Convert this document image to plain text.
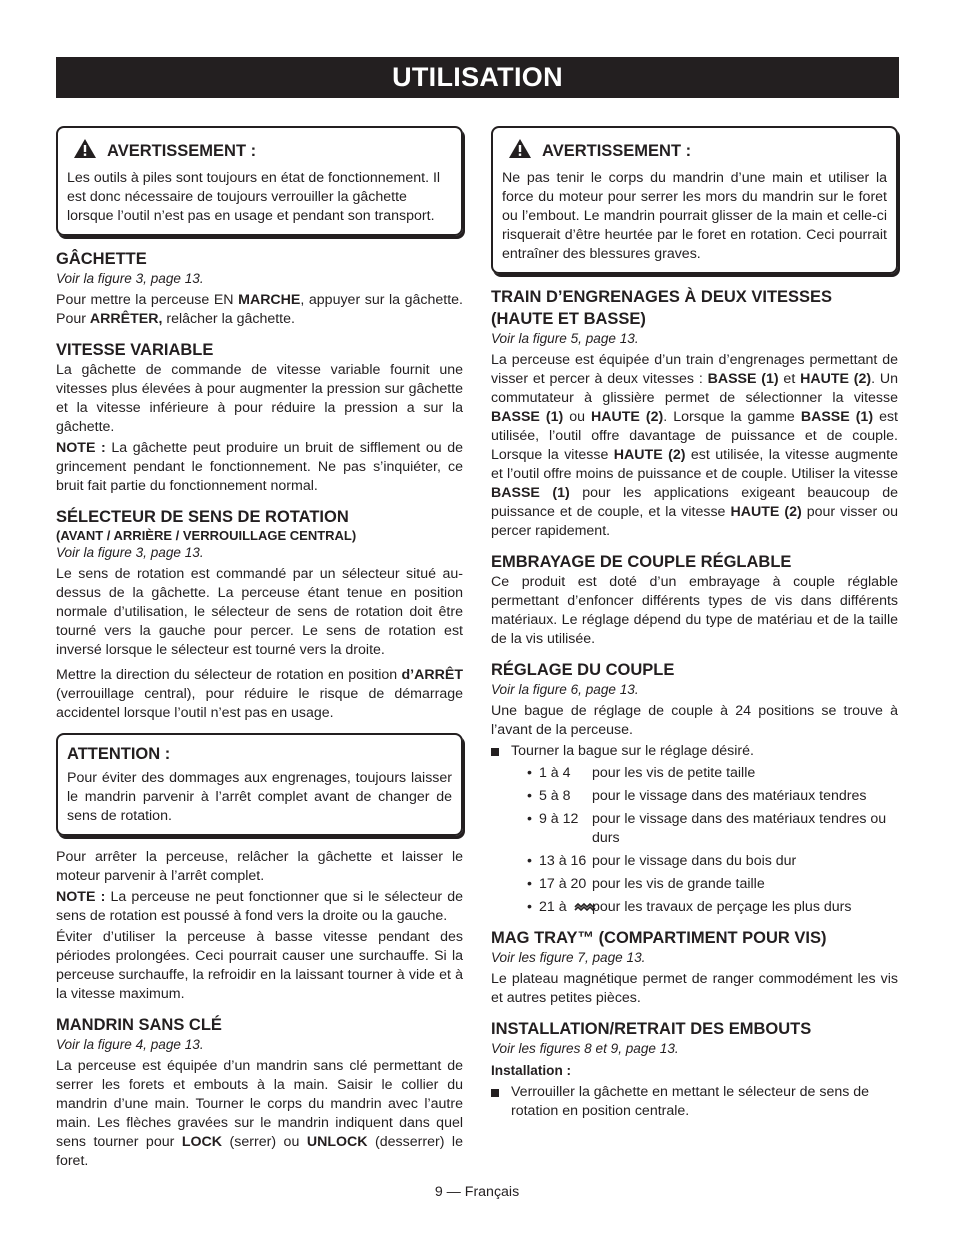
UTILISATION
AVERTISSEMENT :

Les outils à piles sont toujours en état de fonctionnement. Il est donc nécessaire de toujours verrouiller la gâchette lorsque l’outil n’est pas en usage et pendant son transport.

GÂCHETTE
Voir la figure 3, page 13.

Pour mettre la perceuse EN MARCHE, appuyer sur la gâchette. Pour ARRÊTER, relâcher la gâchette.

VITESSE VARIABLE

La gâchette de commande de vitesse variable fournit une vitesses plus élevées à pour augmenter la pression sur gâchette et la vitesse inférieure à pour réduire la pression a sur la gâchette.

NOTE : La gâchette peut produire un bruit de sifflement ou de grincement pendant le fonctionnement. Ne pas s’inquiéter, ce bruit fait partie du fonctionnement normal.

SÉLECTEUR DE SENS DE ROTATION
(AVANT / ARRIÈRE / VERROUILLAGE CENTRAL)
Voir la figure 3, page 13.

Le sens de rotation est commandé par un sélecteur situé au-dessus de la gâchette. La perceuse étant tenue en position normale d’utilisation, le sélecteur de sens de rotation doit être tourné vers la gauche pour percer. Le sens de rotation est inversé lorsque le sélecteur est tourné vers la droite.

Mettre la direction du sélecteur de rotation en position d’ARRÊT (verrouillage central), pour réduire le risque de démarrage accidentel lorsque l’outil n’est pas en usage.

ATTENTION :

Pour éviter des dommages aux engrenages, toujours laisser le mandrin parvenir à l’arrêt complet avant de changer de sens de rotation.

Pour arrêter la perceuse, relâcher la gâchette et laisser le moteur parvenir à l’arrêt complet.

NOTE : La perceuse ne peut fonctionner que si le sélecteur de sens de rotation est poussé à fond vers la droite ou la gauche.

Éviter d’utiliser la perceuse à basse vitesse pendant des périodes prolongées. Ceci pourrait causer une surchauffe. Si la perceuse surchauffe, la refroidir en la laissant tourner à vide et à la vitesse maximum.

MANDRIN SANS CLÉ
Voir la figure 4, page 13.

La perceuse est équipée d’un mandrin sans clé permettant de serrer les forets et embouts à la main. Saisir le collier du mandrin d’une main. Tourner le corps du mandrin avec l’autre main. Les flèches gravées sur le mandrin indiquent dans quel sens tourner pour LOCK (serrer) ou UNLOCK (desserrer) le foret.

AVERTISSEMENT :

Ne pas tenir le corps du mandrin d’une main et utiliser la force du moteur pour serrer les mors du mandrin sur le foret ou l’embout. Le mandrin pourrait glisser de la main et celle-ci risquerait d’être heurtée par le foret en rotation. Ceci pourrait entraîner des blessures graves.

TRAIN D’ENGRENAGES À DEUX VITESSES
(HAUTE ET BASSE)
Voir la figure 5, page 13.

La perceuse est équipée d’un train d’engrenages permettant de visser et percer à deux vitesses : BASSE (1) et HAUTE (2). Un commutateur à glissière permet de sélectionner la vitesse BASSE (1) ou HAUTE (2). Lorsque la gamme BASSE (1) est utilisée, l’outil offre davantage de puissance et de couple. Lorsque la vitesse HAUTE (2) est utilisée, la vitesse augmente et l’outil offre moins de puissance et de couple. Utiliser la vitesse BASSE (1) pour les applications exigeant beaucoup de puissance et de couple, et la vitesse HAUTE (2) pour visser ou percer rapidement.

EMBRAYAGE DE COUPLE RÉGLABLE

Ce produit est doté d’un embrayage à couple réglable permettant d’enfoncer différents types de vis dans différents matériaux. Le réglage dépend du type de matériau et de la taille de la vis utilisée.

RÉGLAGE DU COUPLE
Voir la figure 6, page 13.

Une bague de réglage de couple à 24 positions se trouve à l’avant de la perceuse.

Tourner la bague sur le réglage désiré.
• 1 à 4	pour les vis de petite taille
• 5 à 8	pour le vissage dans des matériaux tendres
• 9 à 12 pour le vissage dans des matériaux tendres ou durs
• 13 à 16 pour le vissage dans du bois dur
• 17 à 20 pour les vis de grande taille
• 21 à	pour les travaux de perçage les plus durs
MAG TRAY™ (COMPARTIMENT POUR VIS)
Voir les figure 7, page 13.

Le plateau magnétique permet de ranger commodément les vis et autres petites pièces.

INSTALLATION/RETRAIT DES EMBOUTS
Voir les figures 8 et 9, page 13.

Installation :

Verrouiller la gâchette en mettant le sélecteur de sens de rotation en position centrale.
9 — Français
